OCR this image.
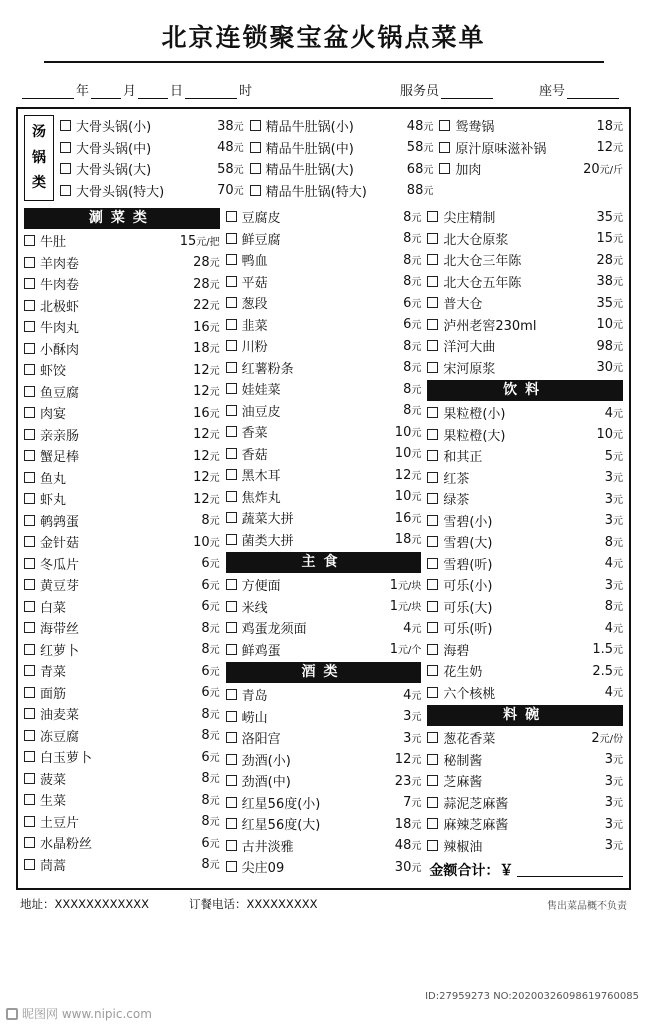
北京连锁聚宝盆火锅点菜单
年	月	日	时	服务员	座号
汤
锅
类
大骨头锅(小)	38元
大骨头锅(中)	48元
大骨头锅(大)	58元
大骨头锅(特大)	70元
精品牛肚锅(小)	48元
精品牛肚锅(中)	58元
精品牛肚锅(大)	68元
精品牛肚锅(特大)	88元
鸳鸯锅	18元
原汁原味滋补锅	12元
加肉	20元/斤
涮菜类
牛肚	15元/把
羊肉卷	28元
牛肉卷	28元
北极虾	22元
牛肉丸	16元
小酥肉	18元
虾饺	12元
鱼豆腐	12元
肉宴	16元
亲亲肠	12元
蟹足棒	12元
鱼丸	12元
虾丸	12元
鹌鹑蛋	8元
金针菇	10元
冬瓜片	6元
黄豆芽	6元
白菜	6元
海带丝	8元
红萝卜	8元
青菜	6元
面筋	6元
油麦菜	8元
冻豆腐	8元
白玉萝卜	6元
菠菜	8元
生菜	8元
土豆片	8元
水晶粉丝	6元
茼蒿	8元
豆腐皮	8元
鲜豆腐	8元
鸭血	8元
平菇	8元
葱段	6元
韭菜	6元
川粉	8元
红薯粉条	8元
娃娃菜	8元
油豆皮	8元
香菜	10元
香菇	10元
黑木耳	12元
焦炸丸	10元
蔬菜大拼	16元
菌类大拼	18元
主食
方便面	1元/块
米线	1元/块
鸡蛋龙须面	4元
鲜鸡蛋	1元/个
酒类
青岛	4元
崂山	3元
洛阳宫	3元
劲酒(小)	12元
劲酒(中)	23元
红星56度(小)	7元
红星56度(大)	18元
古井淡雅	48元
尖庄09	30元
尖庄精制	35元
北大仓原浆	15元
北大仓三年陈	28元
北大仓五年陈	38元
普大仓	35元
泸州老窖230ml	10元
洋河大曲	98元
宋河原浆	30元
饮料
果粒橙(小)	4元
果粒橙(大)	10元
和其正	5元
红茶	3元
绿茶	3元
雪碧(小)	3元
雪碧(大)	8元
雪碧(听)	4元
可乐(小)	3元
可乐(大)	8元
可乐(听)	4元
海碧	1.5元
花生奶	2.5元
六个核桃	4元
料碗
葱花香菜	2元/份
秘制酱	3元
芝麻酱	3元
蒜泥芝麻酱	3元
麻辣芝麻酱	3元
辣椒油	3元
金额合计：￥
地址：XXXXXXXXXXXX	订餐电话：XXXXXXXXX	售出菜品概不负责
ID:27959273 NO:20200326098619760085
昵图网 www.nipic.com
